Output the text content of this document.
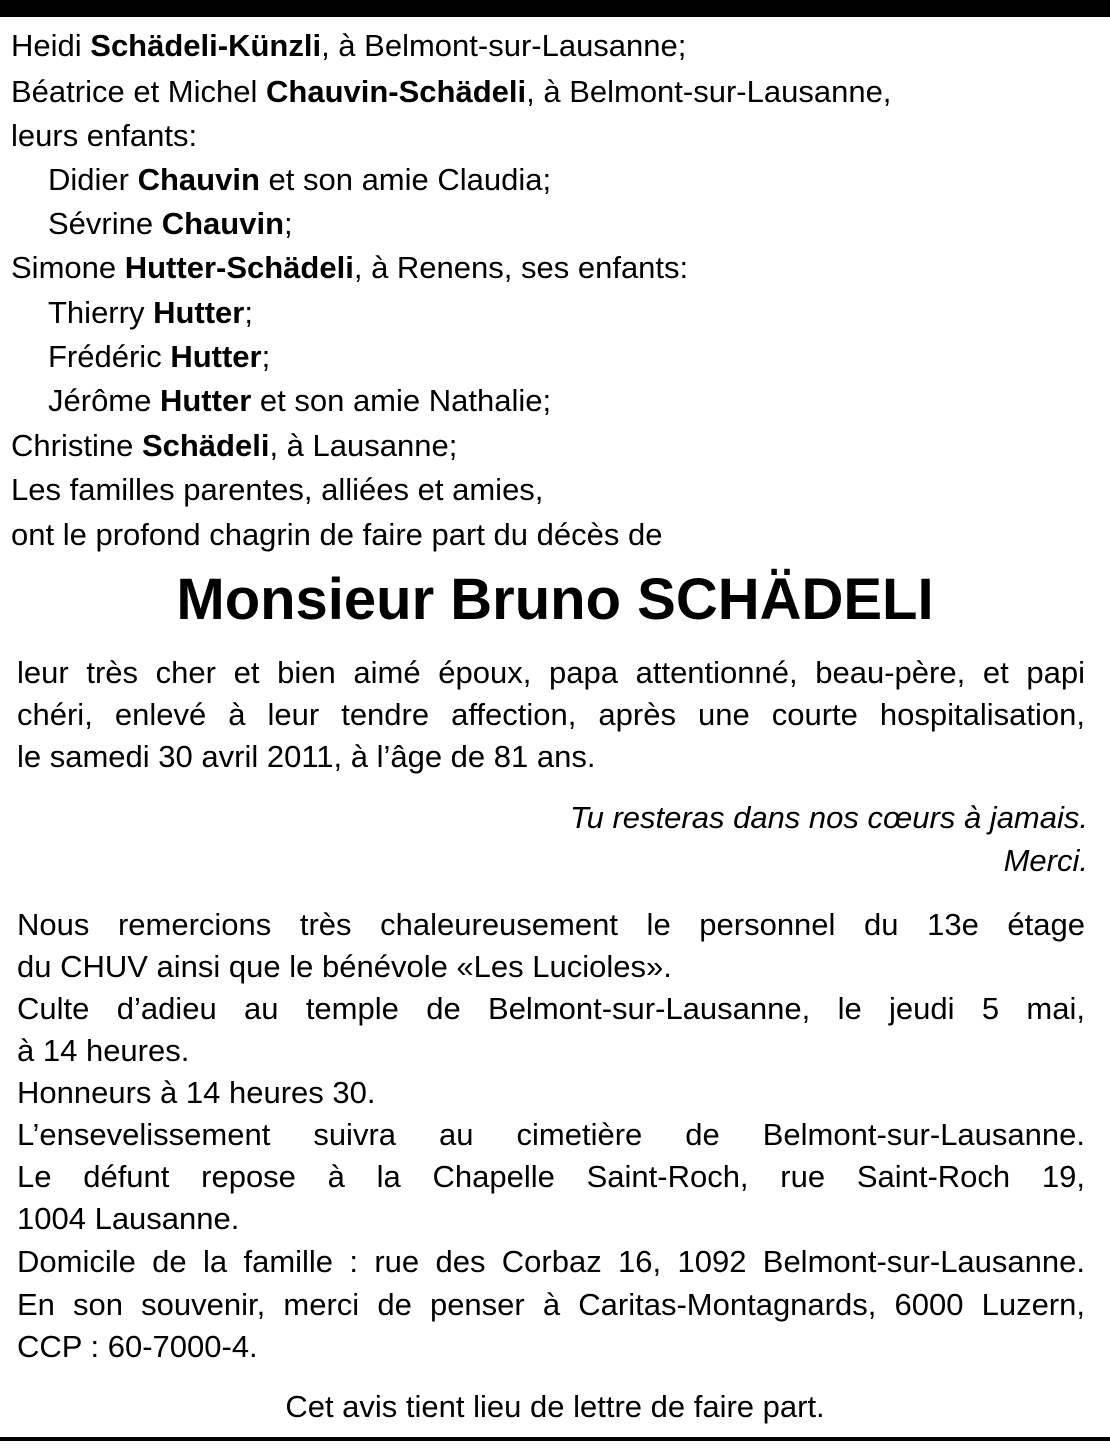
Heidi Schädeli-Künzli, à Belmont-sur-Lausanne;
Béatrice et Michel Chauvin-Schädeli, à Belmont-sur-Lausanne,
leurs enfants:
Didier Chauvin et son amie Claudia;
Sévrine Chauvin;
Simone Hutter-Schädeli, à Renens, ses enfants:
Thierry Hutter;
Frédéric Hutter;
Jérôme Hutter et son amie Nathalie;
Christine Schädeli, à Lausanne;
Les familles parentes, alliées et amies,
ont le profond chagrin de faire part du décès de
Monsieur Bruno SCHÄDELI
leur très cher et bien aimé époux, papa attentionné, beau-père, et papi
chéri, enlevé à leur tendre affection, après une courte hospitalisation,
le samedi 30 avril 2011, à l’âge de 81 ans.
Tu resteras dans nos cœurs à jamais.
Merci.
Nous remercions très chaleureusement le personnel du 13e étage
du CHUV ainsi que le bénévole «Les Lucioles».
Culte d’adieu au temple de Belmont-sur-Lausanne, le jeudi 5 mai,
à 14 heures.
Honneurs à 14 heures 30.
L’ensevelissement suivra au cimetière de Belmont-sur-Lausanne.
Le défunt repose à la Chapelle Saint-Roch, rue Saint-Roch 19,
1004 Lausanne.
Domicile de la famille : rue des Corbaz 16, 1092 Belmont-sur-Lausanne.
En son souvenir, merci de penser à Caritas-Montagnards, 6000 Luzern,
CCP : 60-7000-4.
Cet avis tient lieu de lettre de faire part.
